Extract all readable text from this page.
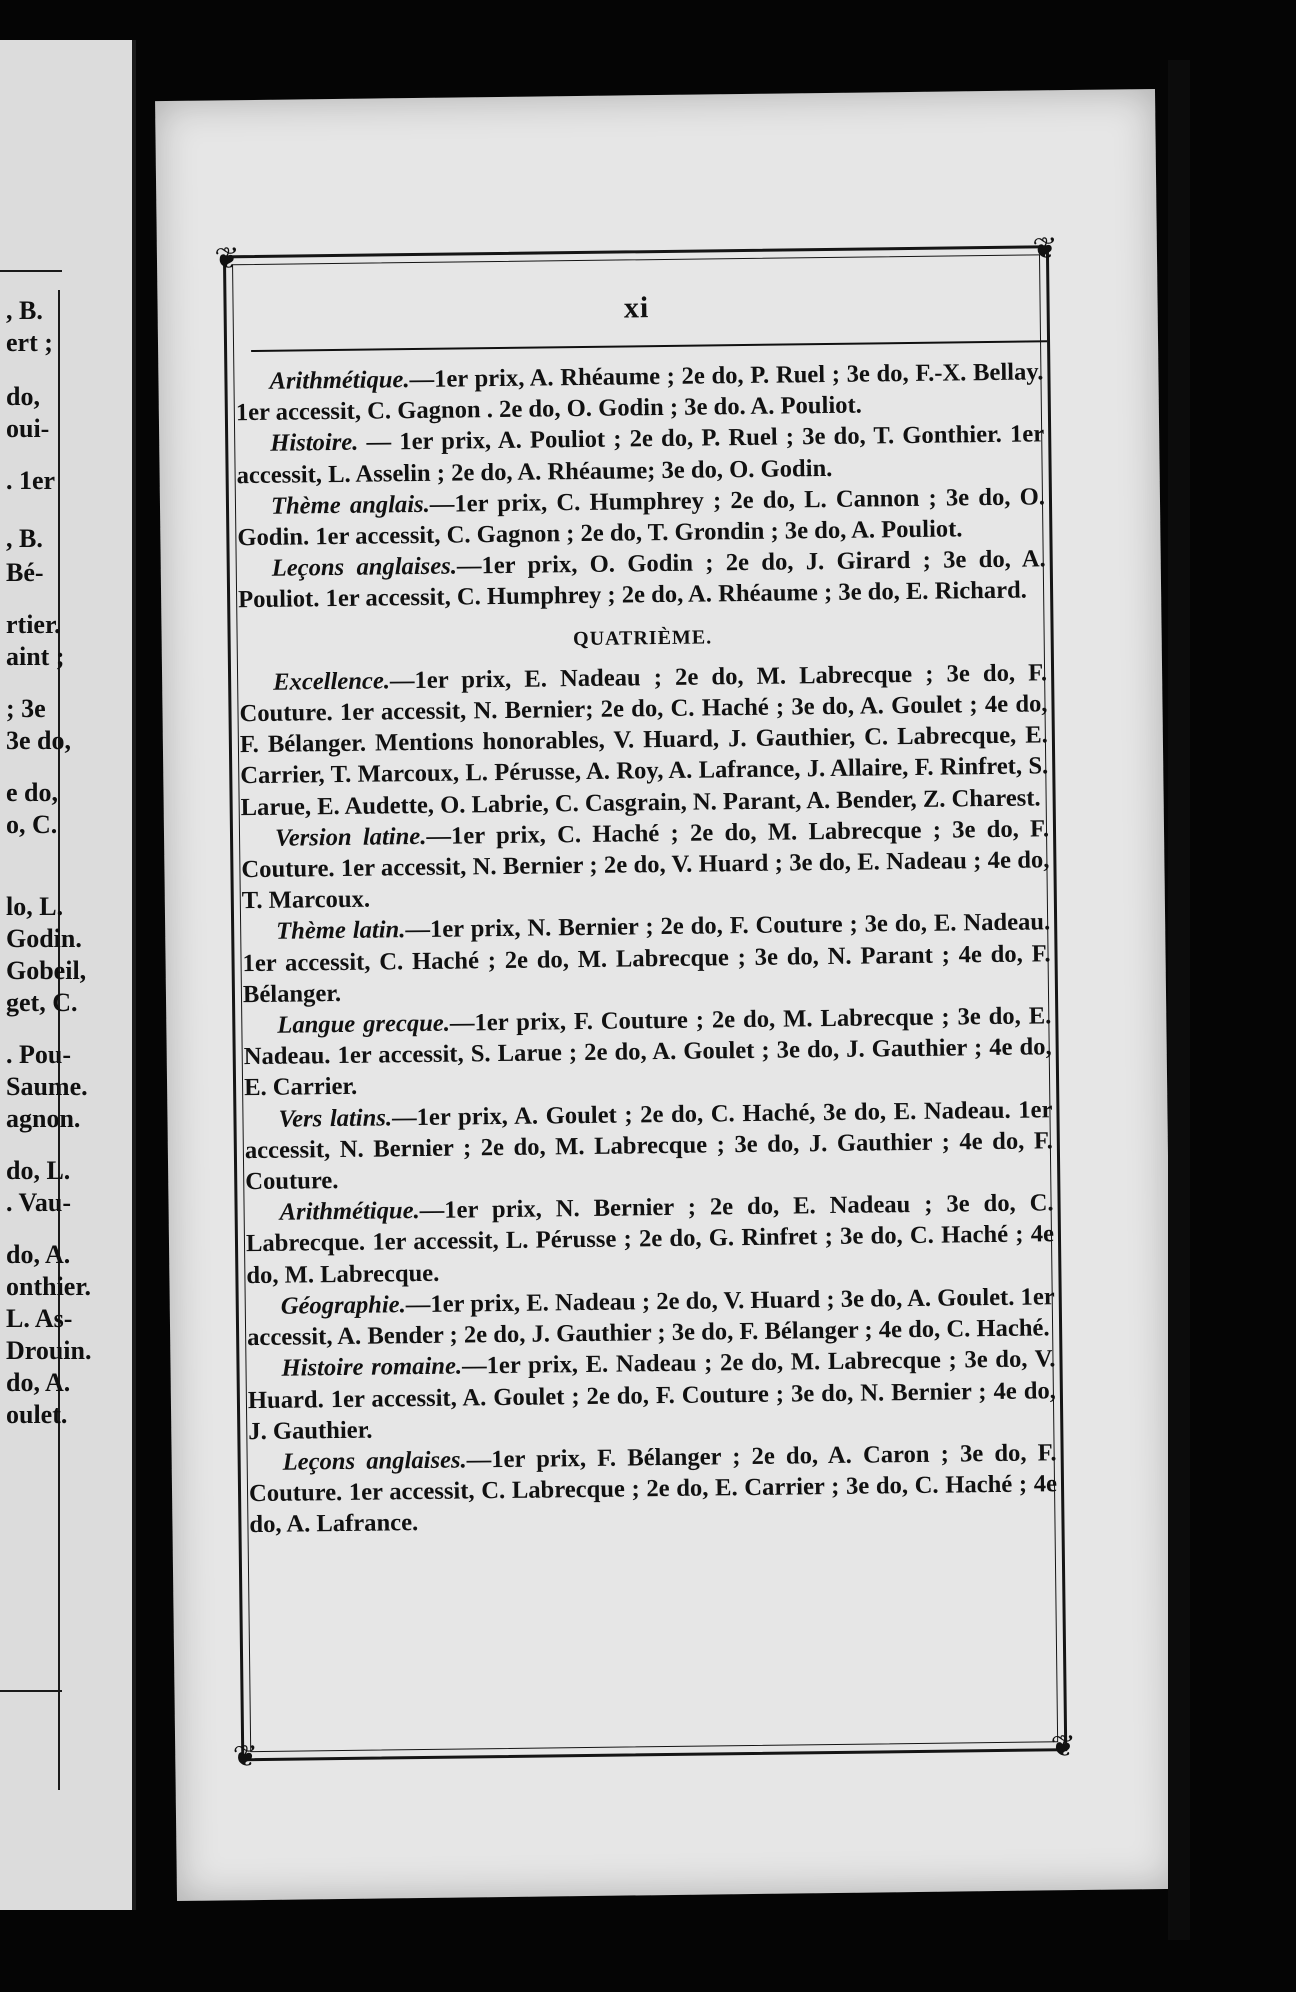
, B.
ert ;
do,
oui-
. 1er
, B.
Bé-
rtier.
aint ;
; 3e
3e do,
e do,
o, C.
lo, L.
Godin.
Gobeil,
get, C.
. Pou-
Saume.
agnon.
do, L.
. Vau-
do, A.
onthier.
L. As-
Drouin.
do, A.
oulet.
❦	❦
❦	❦
xi

Arithmétique.—1er prix, A. Rhéaume ; 2e do, P. Ruel ; 3e do, F.-X. Bellay. 1er accessit, C. Gagnon . 2e do, O. Godin ; 3e do. A. Pouliot.

Histoire. — 1er prix, A. Pouliot ; 2e do, P. Ruel ; 3e do, T. Gonthier. 1er accessit, L. Asselin ; 2e do, A. Rhéaume; 3e do, O. Godin.

Thème anglais.—1er prix, C. Humphrey ; 2e do, L. Cannon ; 3e do, O. Godin. 1er accessit, C. Gagnon ; 2e do, T. Grondin ; 3e do, A. Pouliot.

Leçons anglaises.—1er prix, O. Godin ; 2e do, J. Girard ; 3e do, A. Pouliot. 1er accessit, C. Humphrey ; 2e do, A. Rhéaume ; 3e do, E. Richard.

QUATRIÈME.

Excellence.—1er prix, E. Nadeau ; 2e do, M. Labrecque ; 3e do, F. Couture. 1er accessit, N. Bernier; 2e do, C. Haché ; 3e do, A. Goulet ; 4e do, F. Bélanger. Mentions honorables, V. Huard, J. Gauthier, C. Labrecque, E. Carrier, T. Marcoux, L. Pérusse, A. Roy, A. Lafrance, J. Allaire, F. Rinfret, S. Larue, E. Audette, O. Labrie, C. Casgrain, N. Parant, A. Bender, Z. Charest.

Version latine.—1er prix, C. Haché ; 2e do, M. Labrecque ; 3e do, F. Couture. 1er accessit, N. Bernier ; 2e do, V. Huard ; 3e do, E. Nadeau ; 4e do, T. Marcoux.

Thème latin.—1er prix, N. Bernier ; 2e do, F. Couture ; 3e do, E. Nadeau. 1er accessit, C. Haché ; 2e do, M. Labrecque ; 3e do, N. Parant ; 4e do, F. Bélanger.

Langue grecque.—1er prix, F. Couture ; 2e do, M. Labrecque ; 3e do, E. Nadeau. 1er accessit, S. Larue ; 2e do, A. Goulet ; 3e do, J. Gauthier ; 4e do, E. Carrier.

Vers latins.—1er prix, A. Goulet ; 2e do, C. Haché, 3e do, E. Nadeau. 1er accessit, N. Bernier ; 2e do, M. Labrecque ; 3e do, J. Gauthier ; 4e do, F. Couture.

Arithmétique.—1er prix, N. Bernier ; 2e do, E. Nadeau ; 3e do, C. Labrecque. 1er accessit, L. Pérusse ; 2e do, G. Rinfret ; 3e do, C. Haché ; 4e do, M. Labrecque.

Géographie.—1er prix, E. Nadeau ; 2e do, V. Huard ; 3e do, A. Goulet. 1er accessit, A. Bender ; 2e do, J. Gauthier ; 3e do, F. Bélanger ; 4e do, C. Haché.

Histoire romaine.—1er prix, E. Nadeau ; 2e do, M. Labrecque ; 3e do, V. Huard. 1er accessit, A. Goulet ; 2e do, F. Couture ; 3e do, N. Bernier ; 4e do, J. Gauthier.

Leçons anglaises.—1er prix, F. Bélanger ; 2e do, A. Caron ; 3e do, F. Couture. 1er accessit, C. Labrecque ; 2e do, E. Carrier ; 3e do, C. Haché ; 4e do, A. Lafrance.
